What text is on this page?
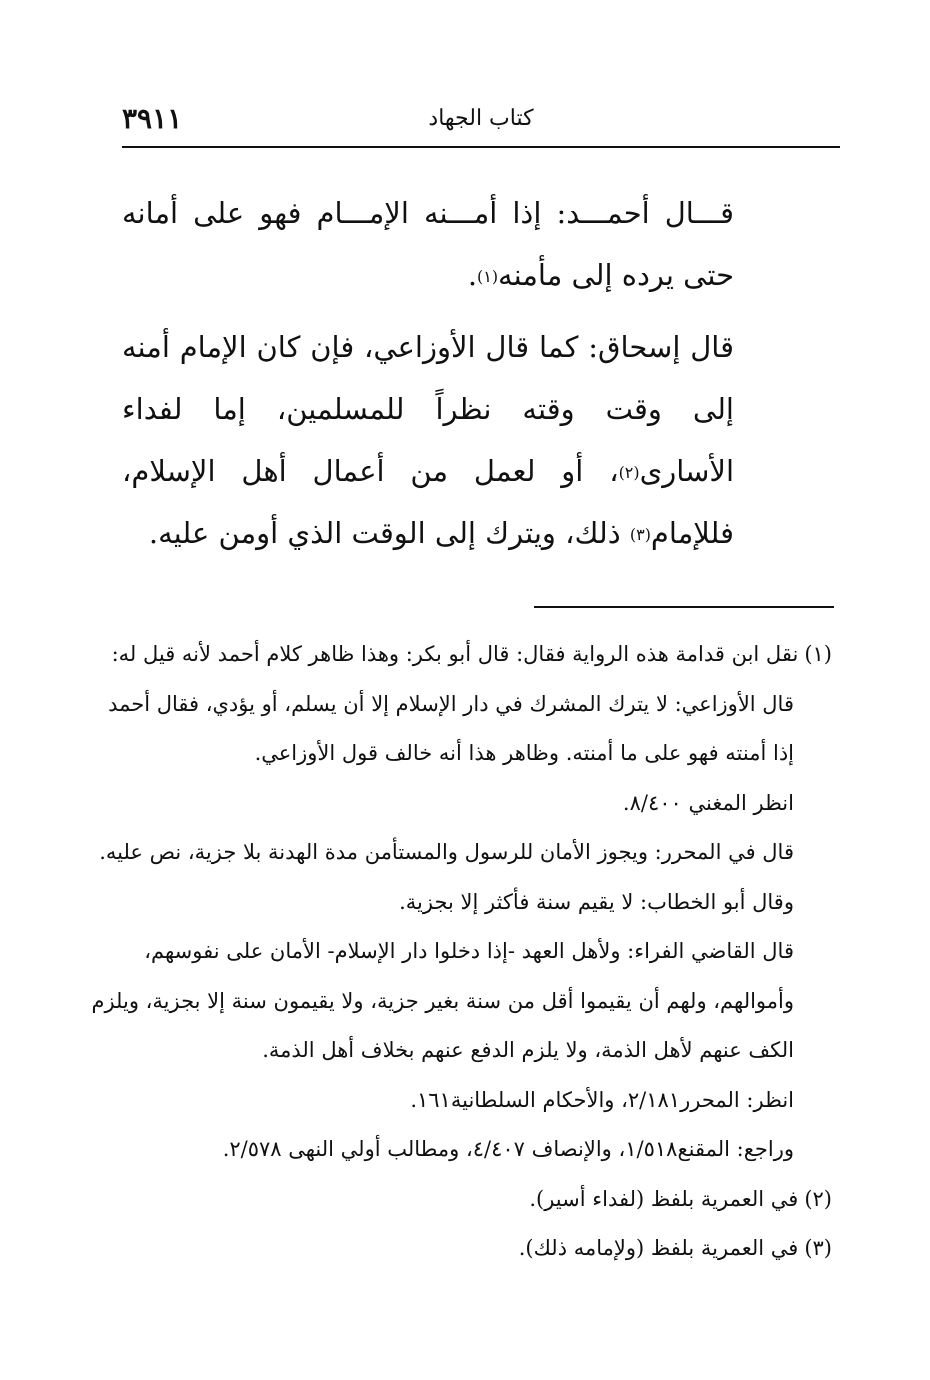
كتاب الجهاد
٣٩١١

قـــال أحمـــد: إذا أمـــنه الإمـــام فهو على أمانه حتى يرده إلى مأمنه$^{(١)}$.

قال إسحاق: كما قال الأوزاعي، فإن كان الإمام أمنه إلى وقت وقته نظراً للمسلمين، إما لفداء الأسارى$^{(٢)}$، أو لعمل من أعمال أهل الإسلام، فللإمام$^{(٣)}$ ذلك، ويترك إلى الوقت الذي أومن عليه.

(١)نقل ابن قدامة هذه الرواية فقال: قال أبو بكر: وهذا ظاهر كلام أحمد لأنه قيل له:

قال الأوزاعي: لا يترك المشرك في دار الإسلام إلا أن يسلم، أو يؤدي، فقال أحمد

إذا أمنته فهو على ما أمنته. وظاهر هذا أنه خالف قول الأوزاعي.

انظر المغني ٨/٤٠٠.

قال في المحرر: ويجوز الأمان للرسول والمستأمن مدة الهدنة بلا جزية، نص عليه.

وقال أبو الخطاب: لا يقيم سنة فأكثر إلا بجزية.

قال القاضي الفراء: ولأهل العهد -إذا دخلوا دار الإسلام- الأمان على نفوسهم،

وأموالهم، ولهم أن يقيموا أقل من سنة بغير جزية، ولا يقيمون سنة إلا بجزية، ويلزم

الكف عنهم لأهل الذمة، ولا يلزم الدفع عنهم بخلاف أهل الذمة.

انظر: المحرر٢/١٨١، والأحكام السلطانية١٦١.

وراجع: المقنع١/٥١٨، والإنصاف ٤/٤٠٧، ومطالب أولي النهى ٢/٥٧٨.

(٢)في العمرية بلفظ (لفداء أسير).

(٣)في العمرية بلفظ (ولإمامه ذلك).
